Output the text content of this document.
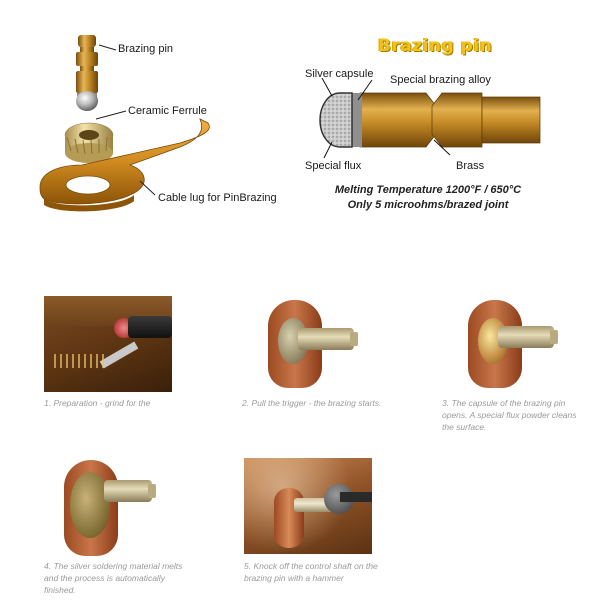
Brazing pin
Ceramic Ferrule
Cable lug for PinBrazing
Brazing pin
Silver capsule Special brazing alloy
Special flux	Brass
Melting Temperature 1200°F / 650°C
Only 5 microohms/brazed joint
1. Preparation - grind for the	2. Pull the trigger - the brazing starts.	3. The capsule of the brazing pin opens. A special flux powder cleans the surface.
4. The silver soldering material melts and the process is automatically finished.
5. Knock off the control shaft on the brazing pin with a hammer
